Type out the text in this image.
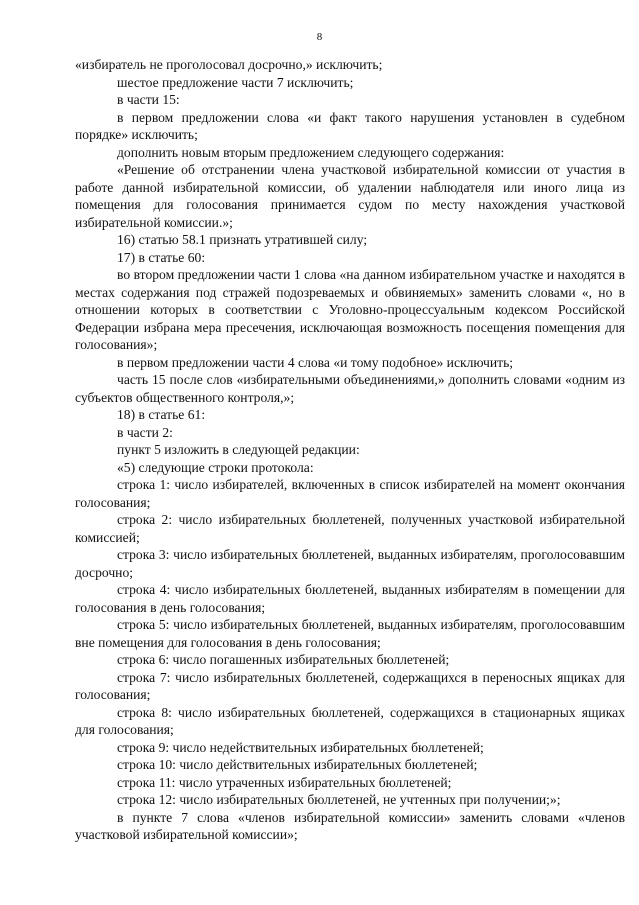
8

«избиратель не проголосовал досрочно,» исключить;

шестое предложение части 7 исключить;

в части 15:

в первом предложении слова «и факт такого нарушения установлен в судебном порядке» исключить;

дополнить новым вторым предложением следующего содержания:

«Решение об отстранении члена участковой избирательной комиссии от участия в работе данной избирательной комиссии, об удалении наблюдателя или иного лица из помещения для голосования принимается судом по месту нахождения участковой избирательной комиссии.»;

16) статью 58.1 признать утратившей силу;

17) в статье 60:

во втором предложении части 1 слова «на данном избирательном участке и находятся в местах содержания под стражей подозреваемых и обвиняемых» заменить словами «, но в отношении которых в соответствии с Уголовно-процессуальным кодексом Российской Федерации избрана мера пресечения, исключающая возможность посещения помещения для голосования»;

в первом предложении части 4 слова «и тому подобное» исключить;

часть 15 после слов «избирательными объединениями,» дополнить словами «одним из субъектов общественного контроля,»;

18) в статье 61:

в части 2:

пункт 5 изложить в следующей редакции:

«5) следующие строки протокола:

строка 1: число избирателей, включенных в список избирателей на момент окончания голосования;

строка 2: число избирательных бюллетеней, полученных участковой избирательной комиссией;

строка 3: число избирательных бюллетеней, выданных избирателям, проголосовавшим досрочно;

строка 4: число избирательных бюллетеней, выданных избирателям в помещении для голосования в день голосования;

строка 5: число избирательных бюллетеней, выданных избирателям, проголосовавшим вне помещения для голосования в день голосования;

строка 6: число погашенных избирательных бюллетеней;

строка 7: число избирательных бюллетеней, содержащихся в переносных ящиках для голосования;

строка 8: число избирательных бюллетеней, содержащихся в стационарных ящиках для голосования;

строка 9: число недействительных избирательных бюллетеней;

строка 10: число действительных избирательных бюллетеней;

строка 11: число утраченных избирательных бюллетеней;

строка 12: число избирательных бюллетеней, не учтенных при получении;»;

в пункте 7 слова «членов избирательной комиссии» заменить словами «членов участковой избирательной комиссии»;
